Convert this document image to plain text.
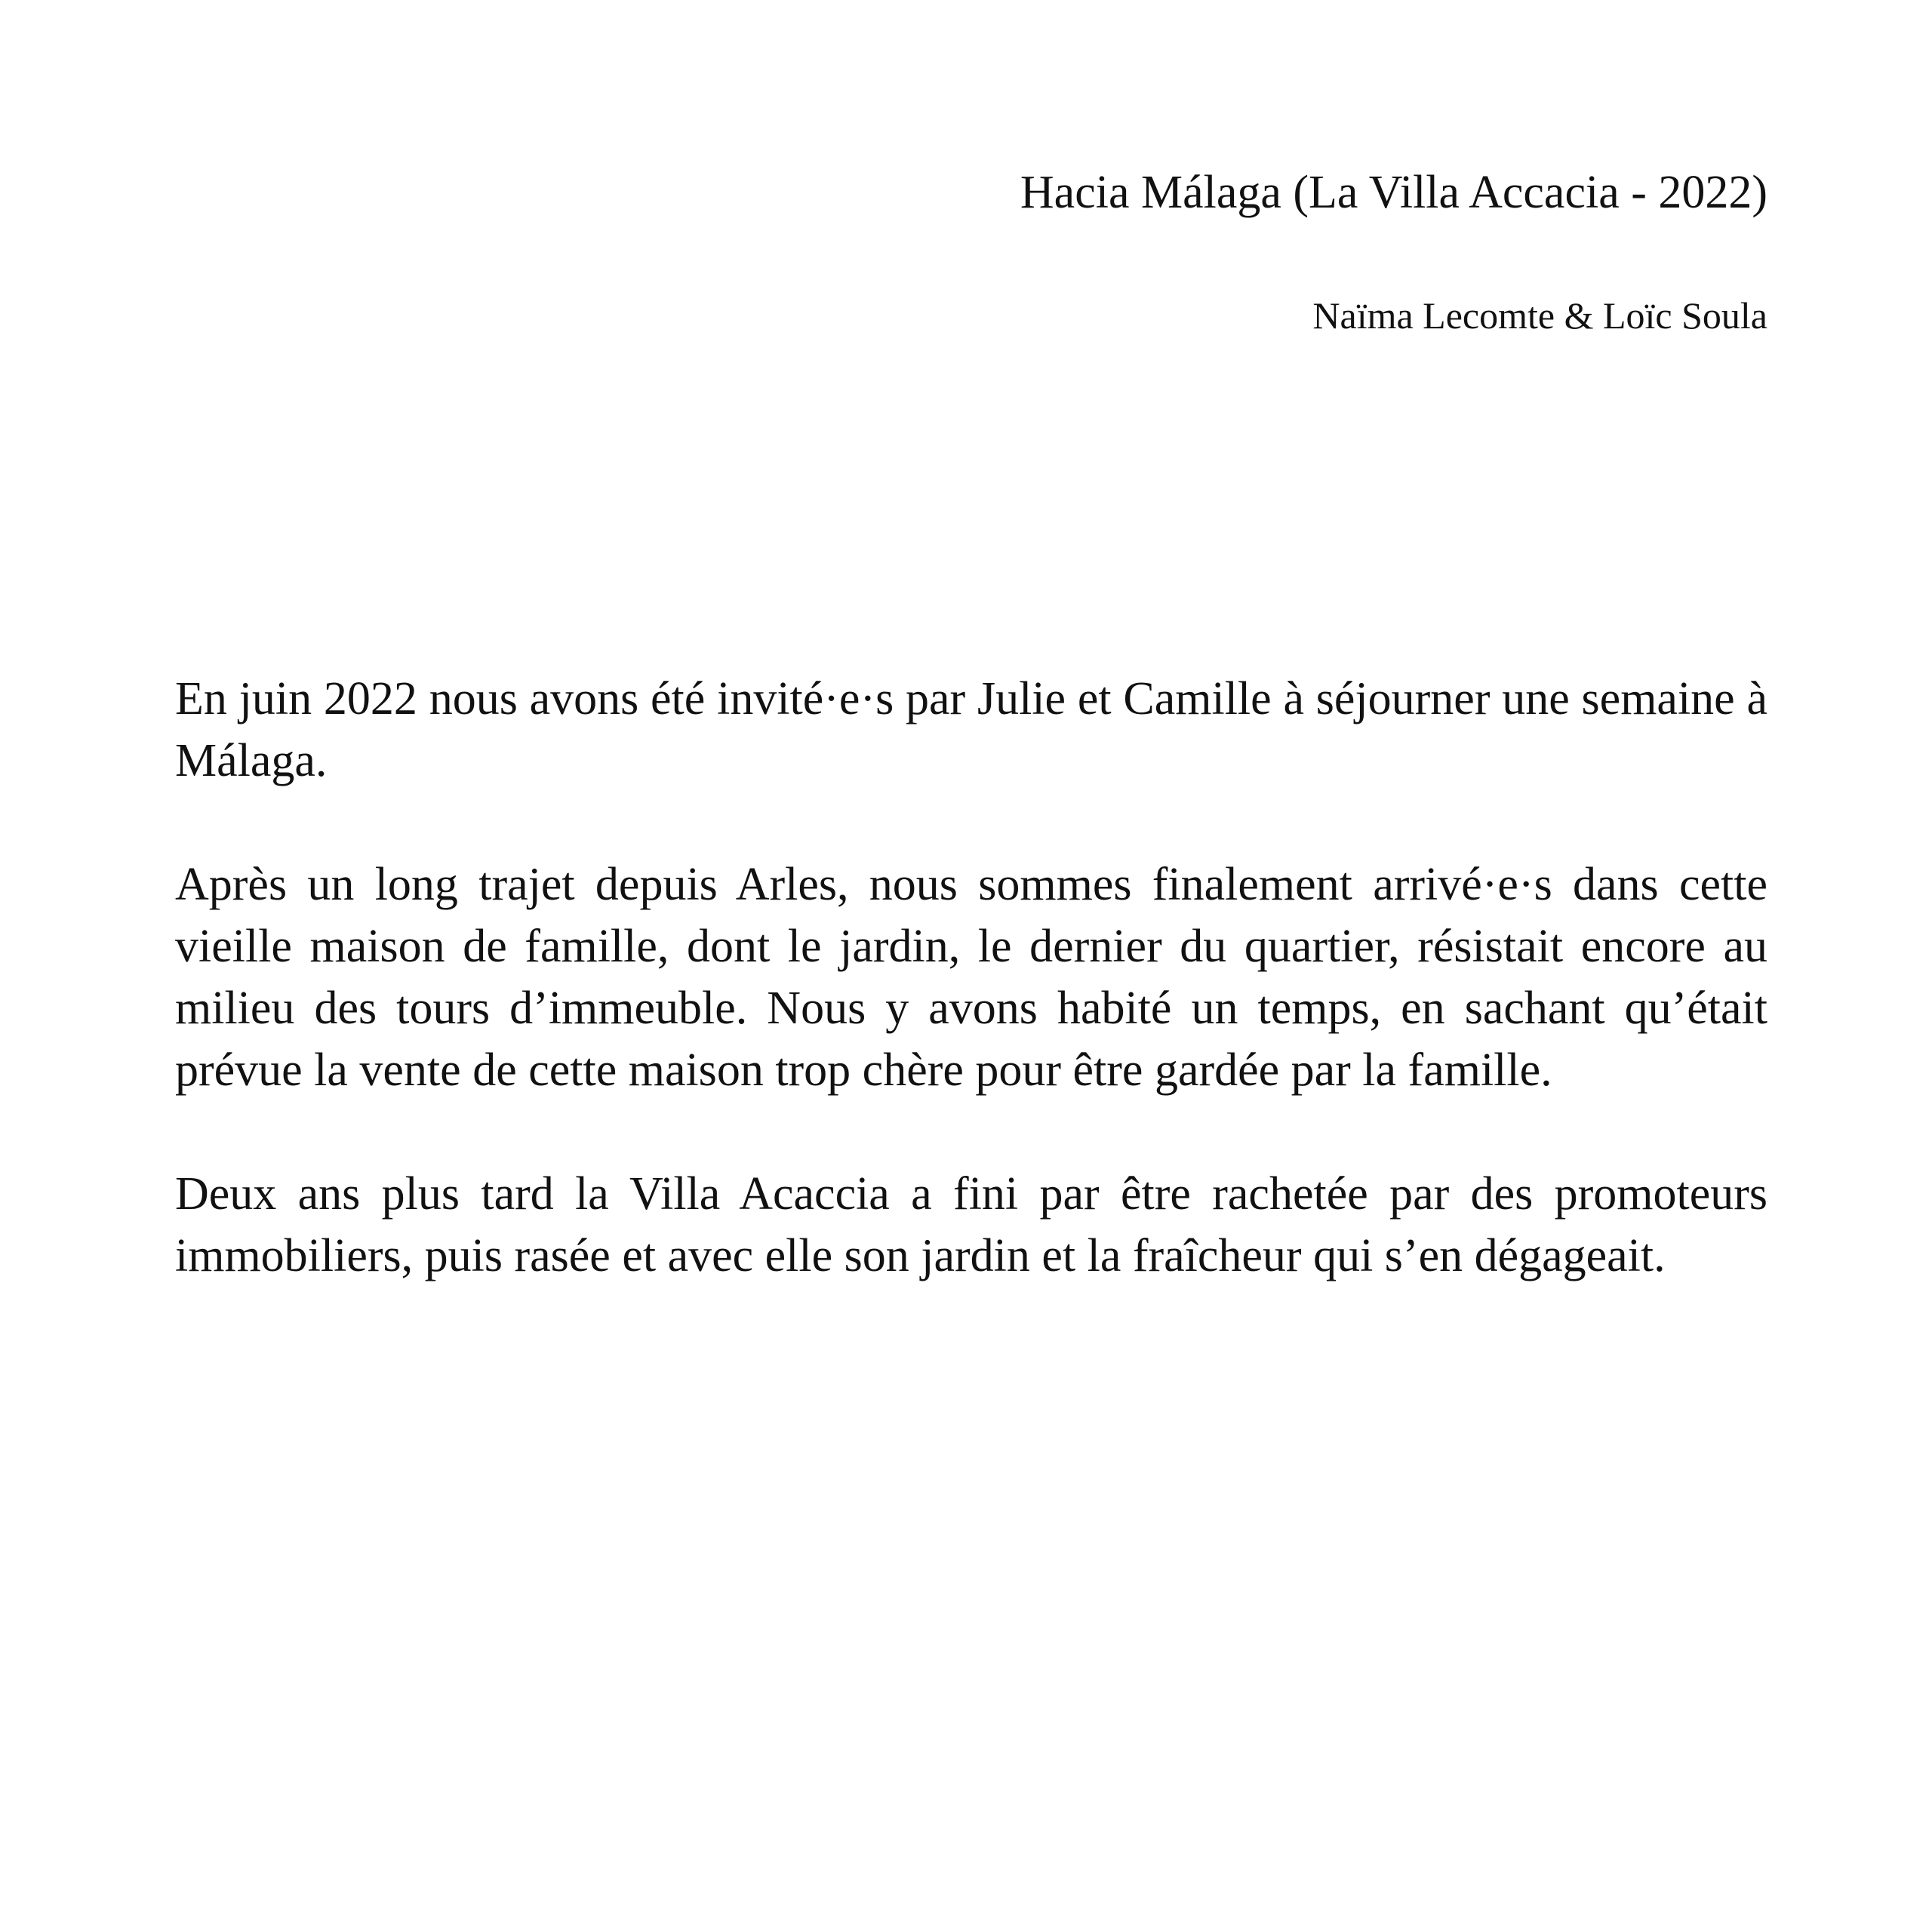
Hacia Málaga (La Villa Accacia - 2022)
Naïma Lecomte & Loïc Soula

En juin 2022 nous avons été invité·e·s par Julie et Camille à séjourner une semaine à Málaga.

Après un long trajet depuis Arles, nous sommes finalement arrivé·e·s dans cette vieille maison de famille, dont le jardin, le dernier du quartier, résistait encore au milieu des tours d’immeuble. Nous y avons habité un temps, en sachant qu’était prévue la vente de cette maison trop chère pour être gardée par la famille.

Deux ans plus tard la Villa Acaccia a fini par être rachetée par des promoteurs immobiliers, puis rasée et avec elle son jardin et la fraîcheur qui s’en dégageait.
